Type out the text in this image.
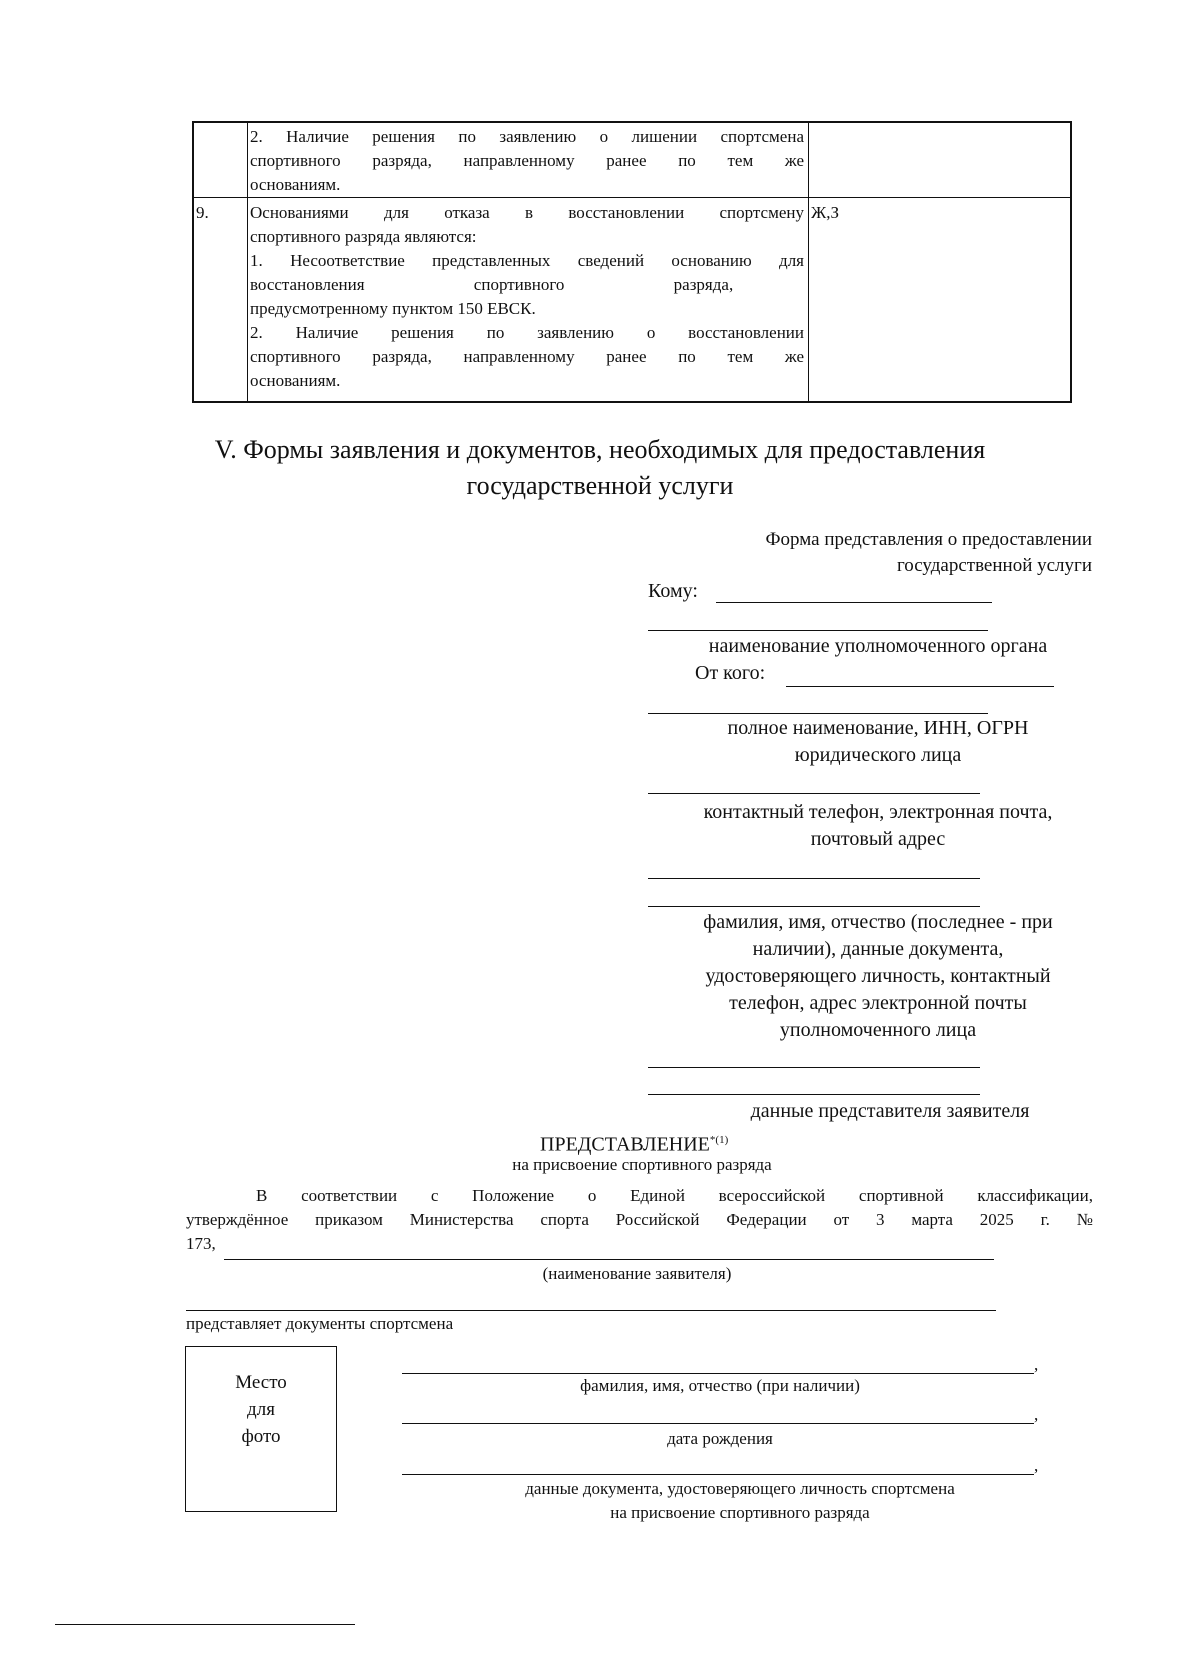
2. Наличие решения по заявлению о лишении спортсмена
спортивного разряда, направленному ранее по тем же
основаниям.
9.	Основаниями для отказа в восстановлении спортсмену
спортивного разряда являются:
1. Несоответствие представленных сведений основанию для
восстановления спортивного разряда,
предусмотренному пунктом 150 ЕВСК.
2. Наличие решения по заявлению о восстановлении
спортивного разряда, направленному ранее по тем же
основаниям.
Ж,З
V. Формы заявления и документов, необходимых для предоставления
государственной услуги
Форма представления о предоставлении
государственной услуги
Кому:
наименование уполномоченного органа
От кого:
полное наименование, ИНН, ОГРН
юридического лица
контактный телефон, электронная почта,
почтовый адрес
фамилия, имя, отчество (последнее - при
наличии), данные документа,
удостоверяющего личность, контактный
телефон, адрес электронной почты
уполномоченного лица
данные представителя заявителя
ПРЕДСТАВЛЕНИЕ$^{*(1)}$
на присвоение спортивного разряда
В соответствии с Положение о Единой всероссийской спортивной классификации,
утверждённое приказом Министерства спорта Российской Федерации от 3 марта 2025 г. №
173,
(наименование заявителя)
представляет документы спортсмена
Место
для
фото
,
фамилия, имя, отчество (при наличии)
,
дата рождения
,
данные документа, удостоверяющего личность спортсмена
на присвоение спортивного разряда
